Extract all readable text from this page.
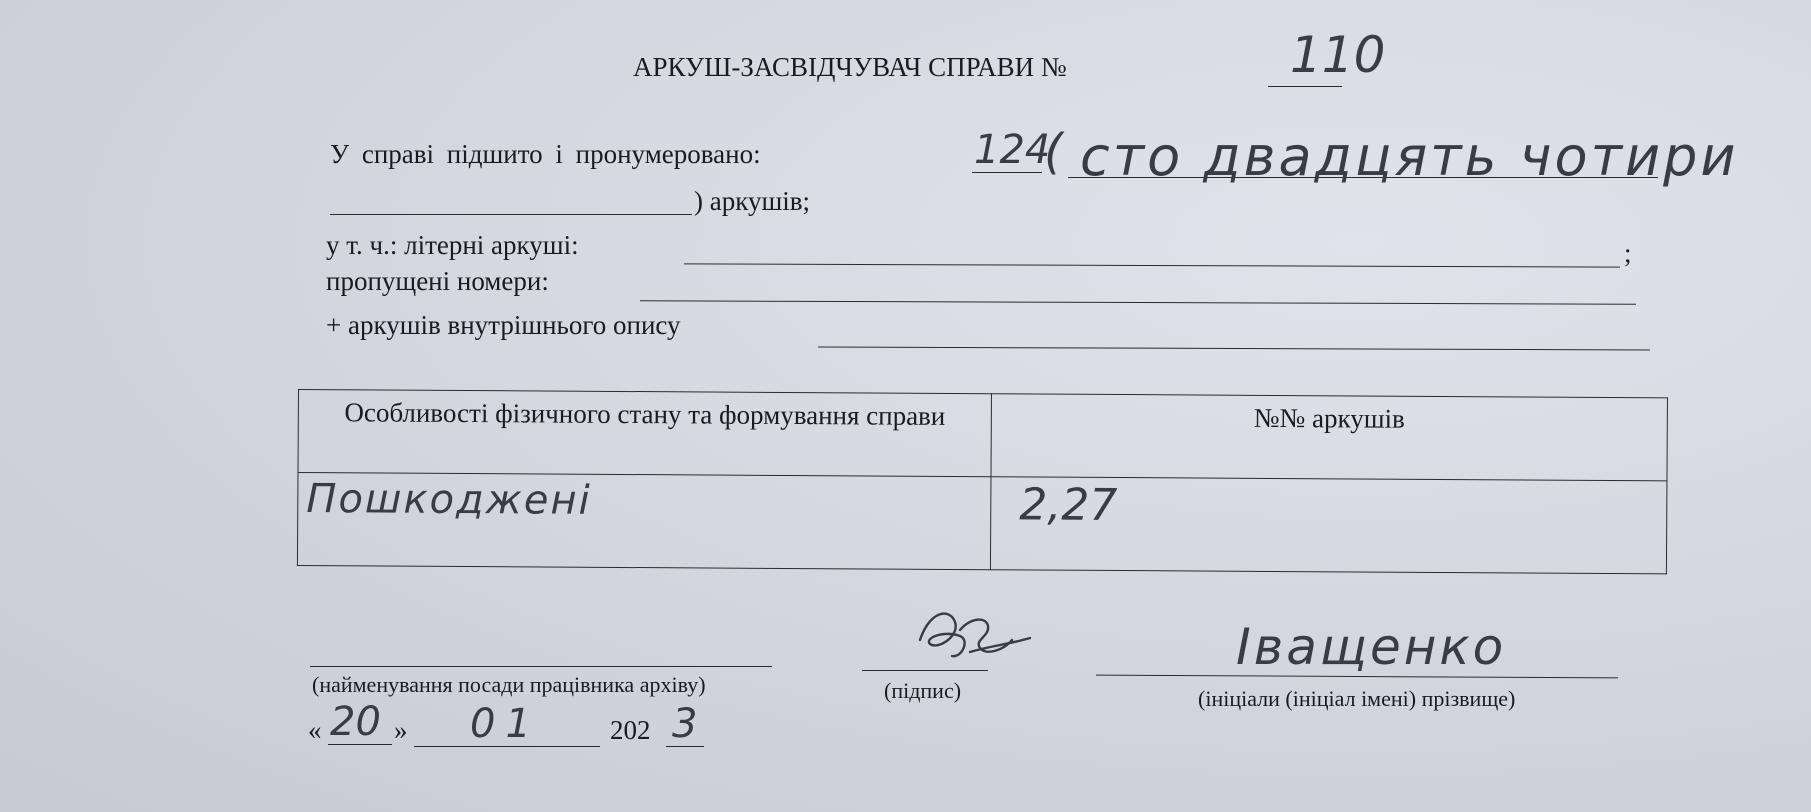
АРКУШ-ЗАСВІДЧУВАЧ СПРАВИ №	110
У справі підшито і пронумеровано:	124
( сто двадцять чотири
) аркушів;
у т. ч.: літерні аркуші:	;
пропущені номери:
+ аркушів внутрішнього опису
Особливості фізичного стану та формування справи	№№ аркушів
Пошкоджені	2,27
(найменування посади працівника архіву)	(підпис)
Іващенко
(ініціали (ініціал імені) прізвище)
« 20 » 01	202 3
